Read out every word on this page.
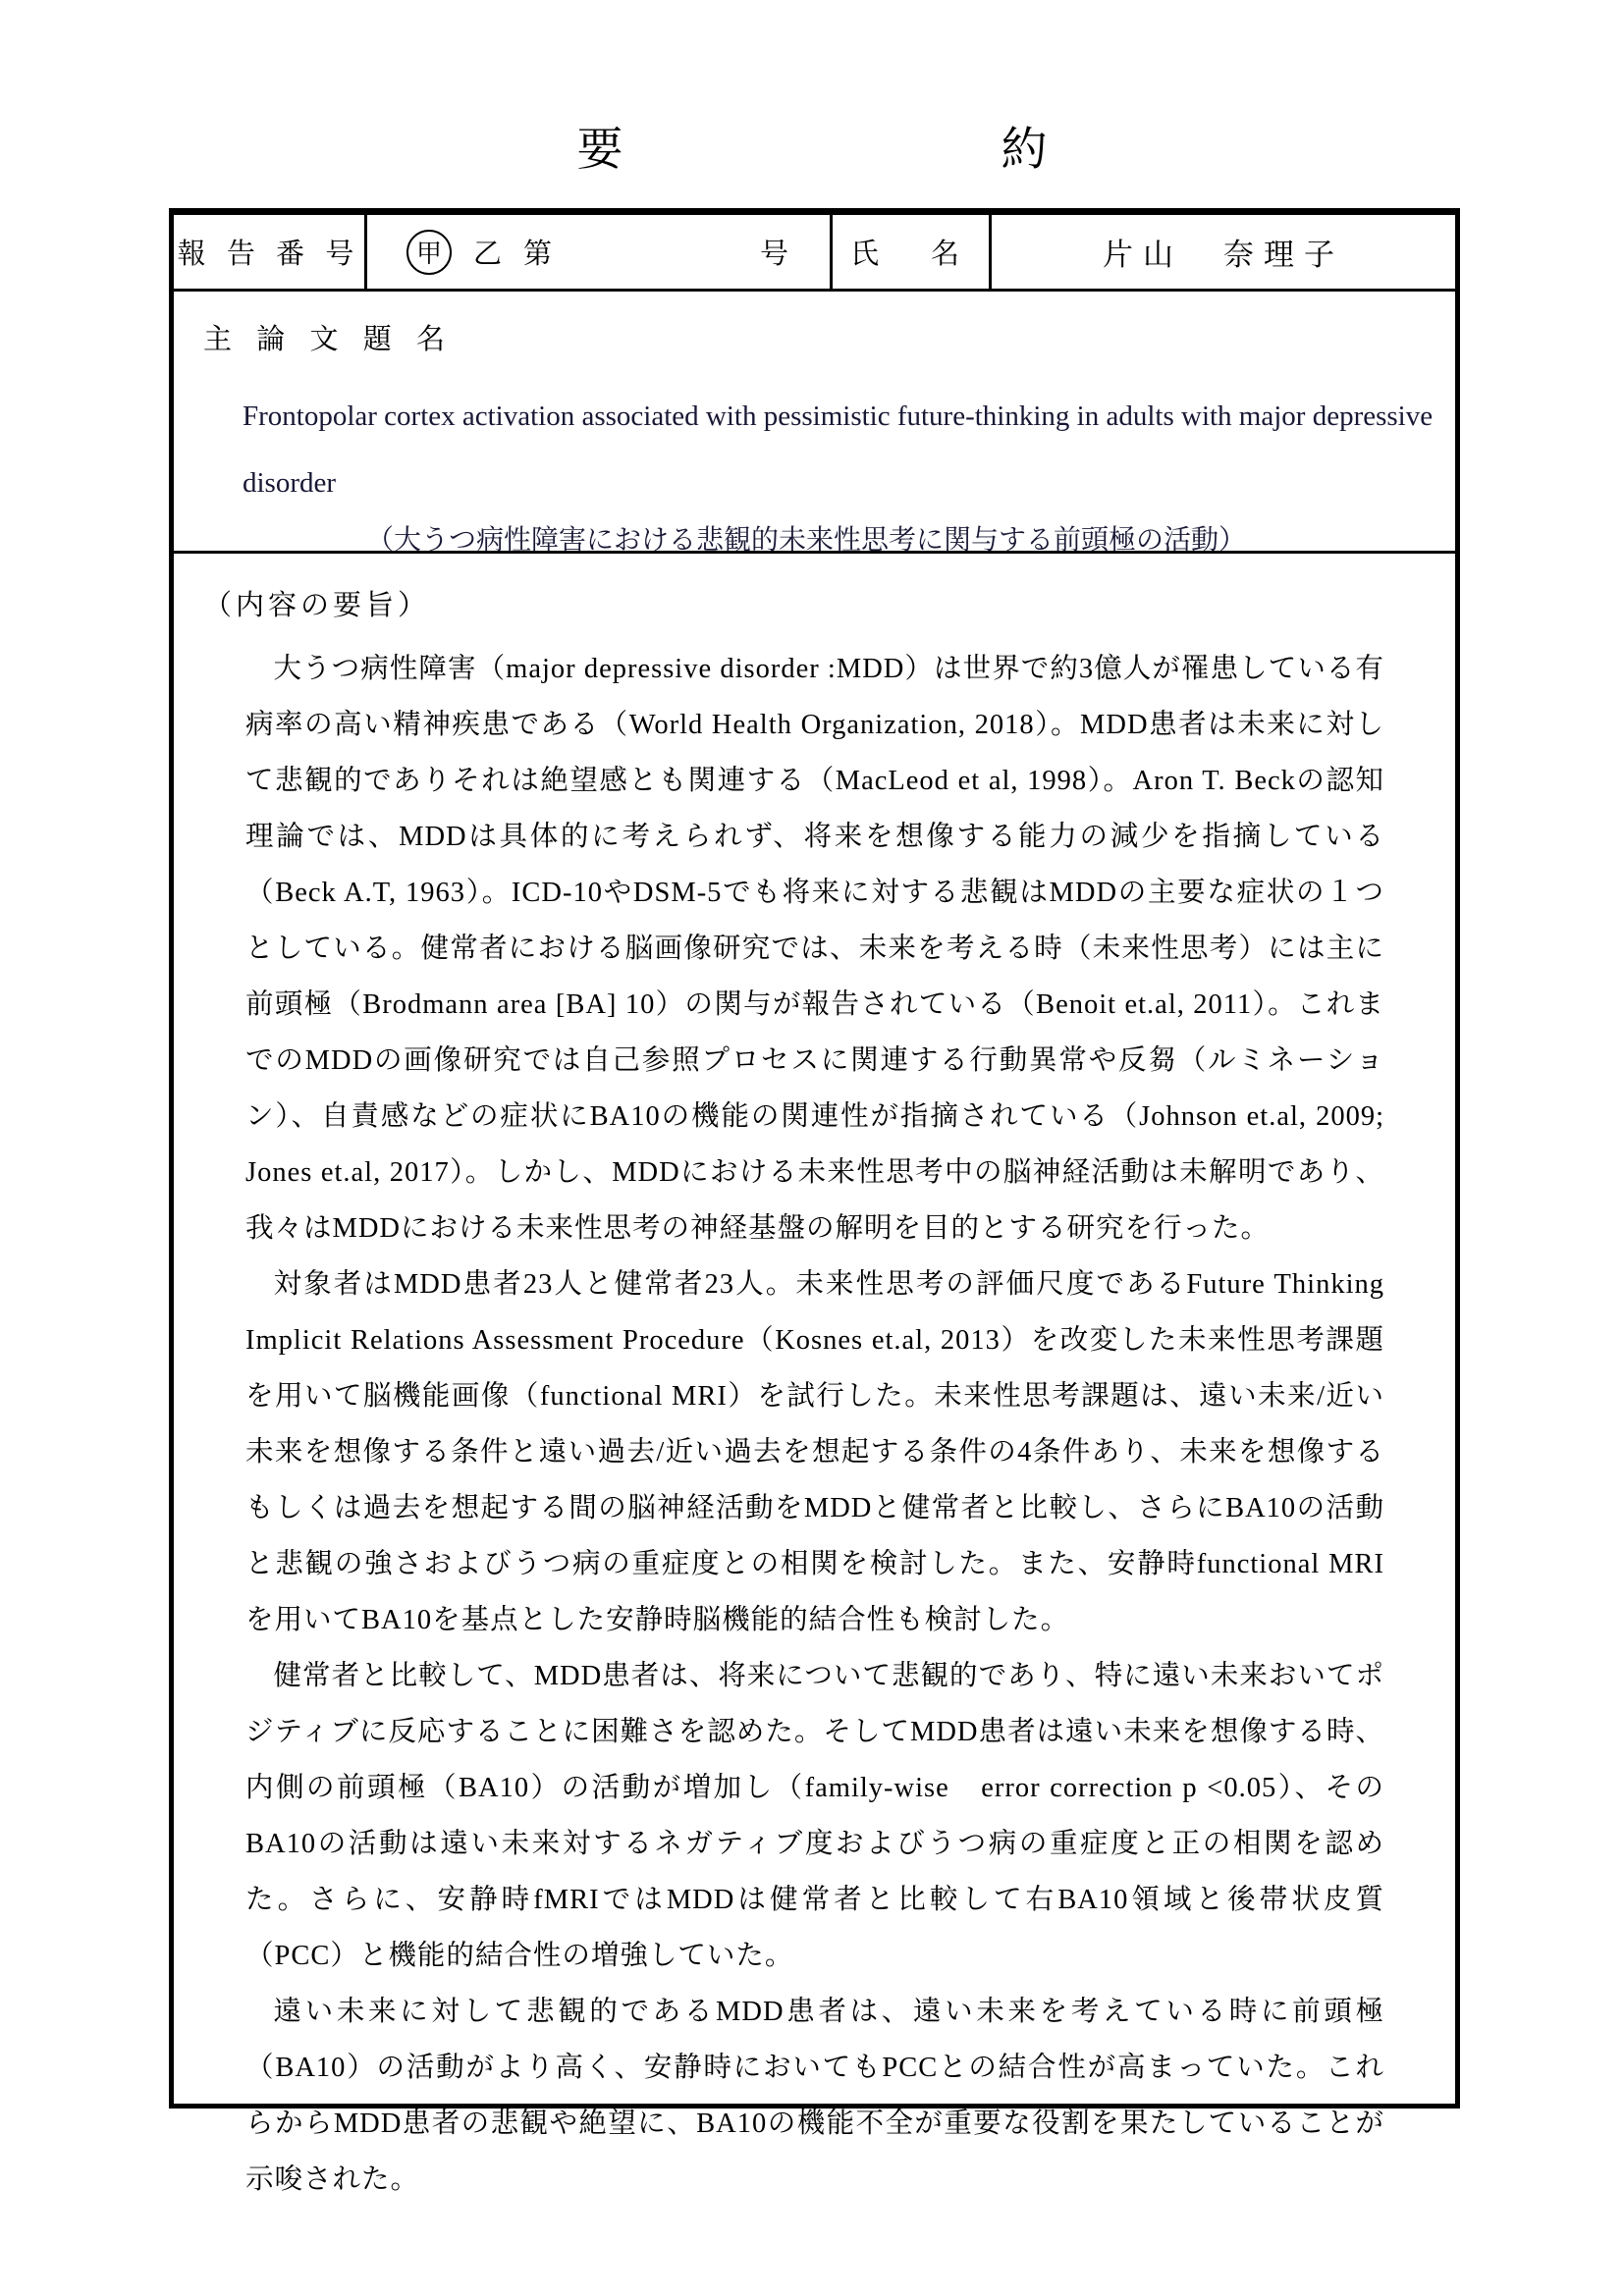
要	約
報 告 番 号	甲	乙 第	号 氏　名	片山　奈理子
主 論 文 題 名
Frontopolar cortex activation associated with pessimistic future-thinking in adults with major depressive disorder
（大うつ病性障害における悲観的未来性思考に関与する前頭極の活動）
（内容の要旨）

大うつ病性障害（major depressive disorder :MDD）は世界で約3億人が罹患している有病率の高い精神疾患である（World Health Organization, 2018）。MDD患者は未来に対して悲観的でありそれは絶望感とも関連する（MacLeod et al, 1998）。Aron T. Beckの認知理論では、MDDは具体的に考えられず、将来を想像する能力の減少を指摘している（Beck A.T, 1963）。ICD-10やDSM-5でも将来に対する悲観はMDDの主要な症状の１つとしている。健常者における脳画像研究では、未来を考える時（未来性思考）には主に前頭極（Brodmann area [BA] 10）の関与が報告されている（Benoit et.al, 2011）。これまでのMDDの画像研究では自己参照プロセスに関連する行動異常や反芻（ルミネーション）、自責感などの症状にBA10の機能の関連性が指摘されている（Johnson et.al, 2009; Jones et.al, 2017）。しかし、MDDにおける未来性思考中の脳神経活動は未解明であり、我々はMDDにおける未来性思考の神経基盤の解明を目的とする研究を行った。

対象者はMDD患者23人と健常者23人。未来性思考の評価尺度であるFuture Thinking Implicit Relations Assessment Procedure（Kosnes et.al, 2013）を改変した未来性思考課題を用いて脳機能画像（functional MRI）を試行した。未来性思考課題は、遠い未来/近い未来を想像する条件と遠い過去/近い過去を想起する条件の4条件あり、未来を想像するもしくは過去を想起する間の脳神経活動をMDDと健常者と比較し、さらにBA10の活動と悲観の強さおよびうつ病の重症度との相関を検討した。また、安静時functional MRIを用いてBA10を基点とした安静時脳機能的結合性も検討した。

健常者と比較して、MDD患者は、将来について悲観的であり、特に遠い未来おいてポジティブに反応することに困難さを認めた。そしてMDD患者は遠い未来を想像する時、内側の前頭極（BA10）の活動が増加し（family-wise　error correction p <0.05）、そのBA10の活動は遠い未来対するネガティブ度およびうつ病の重症度と正の相関を認めた。さらに、安静時fMRIではMDDは健常者と比較して右BA10領域と後帯状皮質（PCC）と機能的結合性の増強していた。

遠い未来に対して悲観的であるMDD患者は、遠い未来を考えている時に前頭極（BA10）の活動がより高く、安静時においてもPCCとの結合性が高まっていた。これらからMDD患者の悲観や絶望に、BA10の機能不全が重要な役割を果たしていることが示唆された。
